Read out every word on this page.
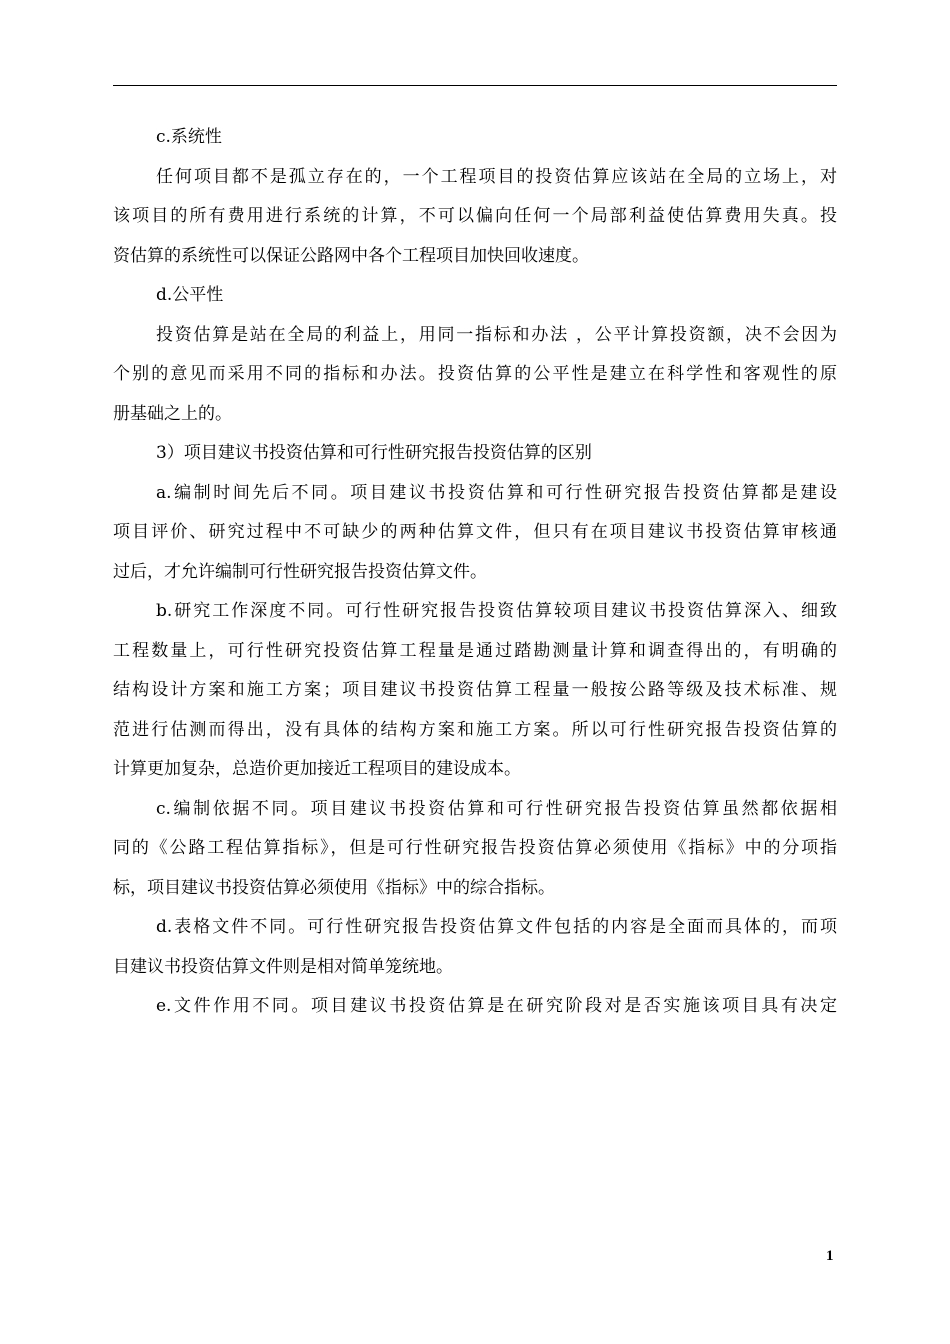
c.系统性
任何项目都不是孤立存在的，一个工程项目的投资估算应该站在全局的立场上，对
该项目的所有费用进行系统的计算，不可以偏向任何一个局部利益使估算费用失真。投
资估算的系统性可以保证公路网中各个工程项目加快回收速度。
d.公平性
投资估算是站在全局的利益上，用同一指标和办法 ，公平计算投资额，决不会因为
个别的意见而采用不同的指标和办法。投资估算的公平性是建立在科学性和客观性的原
册基础之上的。
3）项目建议书投资估算和可行性研究报告投资估算的区别
a.编制时间先后不同。项目建议书投资估算和可行性研究报告投资估算都是建设
项目评价、研究过程中不可缺少的两种估算文件，但只有在项目建议书投资估算审核通
过后，才允许编制可行性研究报告投资估算文件。
b.研究工作深度不同。可行性研究报告投资估算较项目建议书投资估算深入、细致
工程数量上，可行性研究投资估算工程量是通过踏勘测量计算和调查得出的，有明确的
结构设计方案和施工方案；项目建议书投资估算工程量一般按公路等级及技术标准、规
范进行估测而得出，没有具体的结构方案和施工方案。所以可行性研究报告投资估算的
计算更加复杂，总造价更加接近工程项目的建设成本。
c.编制依据不同。项目建议书投资估算和可行性研究报告投资估算虽然都依据相
同的《公路工程估算指标》，但是可行性研究报告投资估算必须使用《指标》中的分项指
标，项目建议书投资估算必须使用《指标》中的综合指标。
d.表格文件不同。可行性研究报告投资估算文件包括的内容是全面而具体的，而项
目建议书投资估算文件则是相对简单笼统地。
e.文件作用不同。项目建议书投资估算是在研究阶段对是否实施该项目具有决定
1
